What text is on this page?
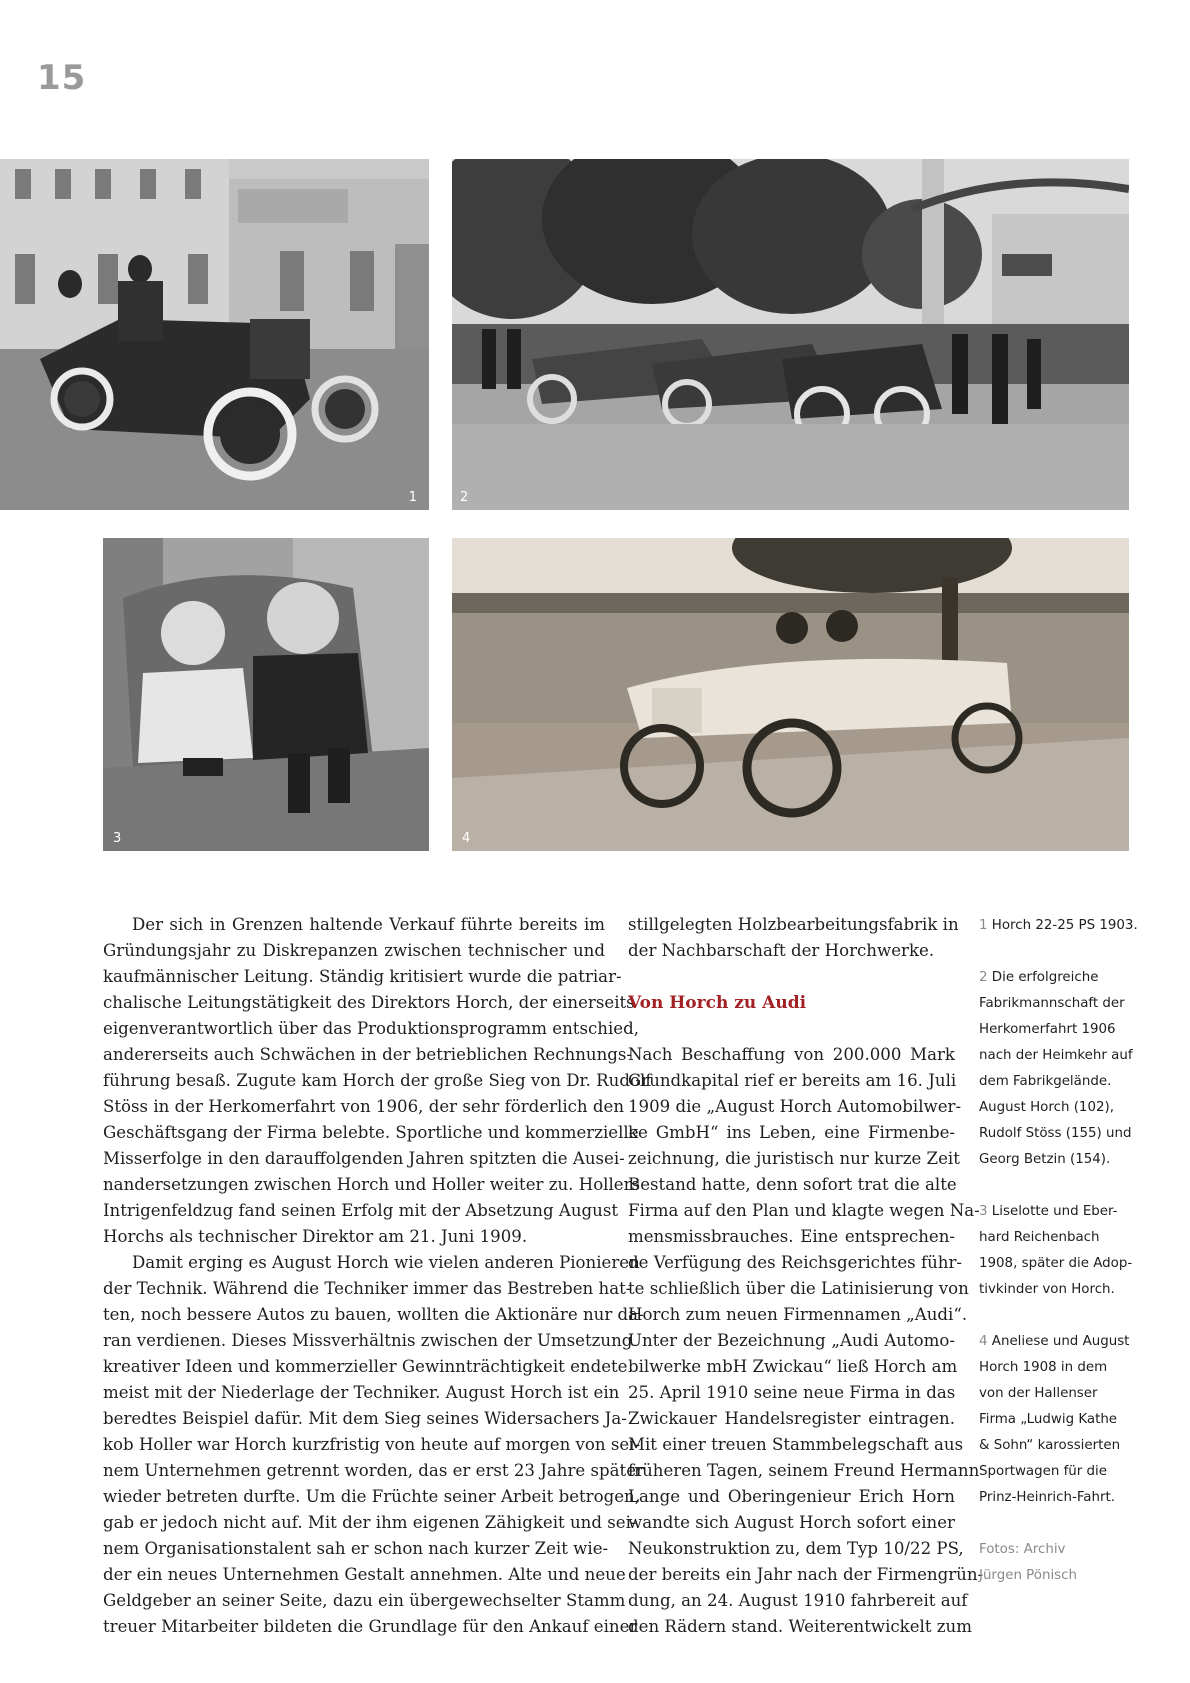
15
1	2
3	4
Der sich in Grenzen haltende Verkauf führte bereits im
Gründungsjahr zu Diskrepanzen zwischen technischer und
kaufmännischer Leitung. Ständig kritisiert wurde die patriar-
chalische Leitungstätigkeit des Direktors Horch, der einerseits
eigenverantwortlich über das Produktionsprogramm entschied,
andererseits auch Schwächen in der betrieblichen Rechnungs-
führung besaß. Zugute kam Horch der große Sieg von Dr. Rudolf
Stöss in der Herkomerfahrt von 1906, der sehr förderlich den
Geschäftsgang der Firma belebte. Sportliche und kommerzielle
Misserfolge in den darauffolgenden Jahren spitzten die Ausei-
nandersetzungen zwischen Horch und Holler weiter zu. Hollers
Intrigenfeldzug fand seinen Erfolg mit der Absetzung August
Horchs als technischer Direktor am 21. Juni 1909.
Damit erging es August Horch wie vielen anderen Pionieren
der Technik. Während die Techniker immer das Bestreben hat-
ten, noch bessere Autos zu bauen, wollten die Aktionäre nur da-
ran verdienen. Dieses Missverhältnis zwischen der Umsetzung
kreativer Ideen und kommerzieller Gewinnträchtigkeit endete
meist mit der Niederlage der Techniker. August Horch ist ein
beredtes Beispiel dafür. Mit dem Sieg seines Widersachers Ja-
kob Holler war Horch kurzfristig von heute auf morgen von sei-
nem Unternehmen getrennt worden, das er erst 23 Jahre später
wieder betreten durfte. Um die Früchte seiner Arbeit betrogen,
gab er jedoch nicht auf. Mit der ihm eigenen Zähigkeit und sei-
nem Organisationstalent sah er schon nach kurzer Zeit wie-
der ein neues Unternehmen Gestalt annehmen. Alte und neue
Geldgeber an seiner Seite, dazu ein übergewechselter Stamm
treuer Mitarbeiter bildeten die Grundlage für den Ankauf einer
stillgelegten Holzbearbeitungsfabrik in
der Nachbarschaft der Horchwerke.
Von Horch zu Audi
Nach Beschaffung von 200.000 Mark
Grundkapital rief er bereits am 16. Juli
1909 die „August Horch Automobilwer-
ke GmbH“ ins Leben, eine Firmenbe-
zeichnung, die juristisch nur kurze Zeit
Bestand hatte, denn sofort trat die alte
Firma auf den Plan und klagte wegen Na-
mensmissbrauches. Eine entsprechen-
de Verfügung des Reichsgerichtes führ-
te schließlich über die Latinisierung von
Horch zum neuen Firmennamen „Audi“.
Unter der Bezeichnung „Audi Automo-
bilwerke mbH Zwickau“ ließ Horch am
25. April 1910 seine neue Firma in das
Zwickauer Handelsregister eintragen.
Mit einer treuen Stammbelegschaft aus
früheren Tagen, seinem Freund Hermann
Lange und Oberingenieur Erich Horn
wandte sich August Horch sofort einer
Neukonstruktion zu, dem Typ 10/22 PS,
der bereits ein Jahr nach der Firmengrün-
dung, an 24. August 1910 fahrbereit auf
den Rädern stand. Weiterentwickelt zum
1 Horch 22-25 PS 1903.
2 Die erfolgreiche
Fabrikmannschaft der
Herkomerfahrt 1906
nach der Heimkehr auf
dem Fabrikgelände.
August Horch (102),
Rudolf Stöss (155) und
Georg Betzin (154).
3 Liselotte und Eber-
hard Reichenbach
1908, später die Adop-
tivkinder von Horch.
4 Aneliese und August
Horch 1908 in dem
von der Hallenser
Firma „Ludwig Kathe
& Sohn“ karossierten
Sportwagen für die
Prinz-Heinrich-Fahrt.
Fotos: Archiv
Jürgen Pönisch
